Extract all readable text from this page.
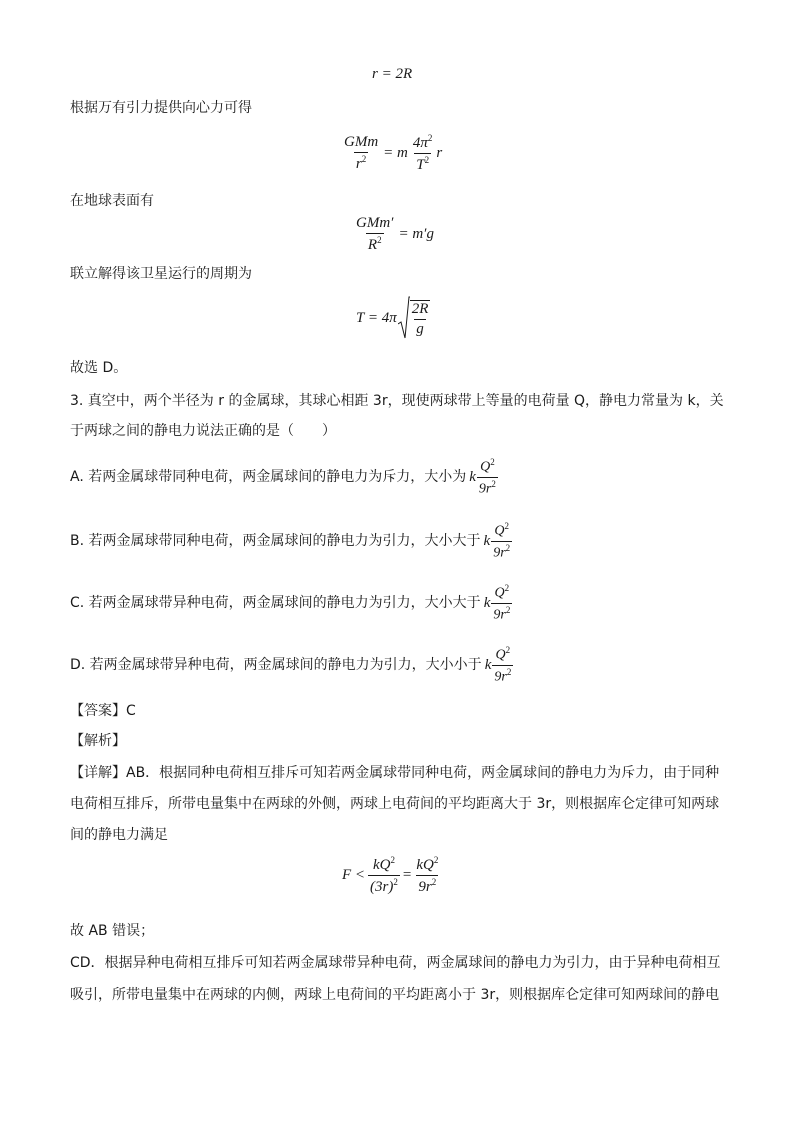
r = 2R
根据万有引力提供向心力可得
$\frac{\text{GMm}}{r^2} = m \frac{4\pi^2}{T^2}$ r
在地球表面有
$\frac{\text{GMm′}}{R^2} = m'g$
联立解得该卫星运行的周期为
$T = 4\pi \frac{2R}{g}$
故选 D。
3. 真空中，两个半径为 r 的金属球，其球心相距 3r，现使两球带上等量的电荷量 Q，静电力常量为 k，关
于两球之间的静电力说法正确的是（　　）
A. 若两金属球带同种电荷，两金属球间的静电力为斥力，大小为 k $\frac{Q^2}{9r^2}$
B. 若两金属球带同种电荷，两金属球间的静电力为引力，大小大于 k $\frac{Q^2}{9r^2}$
C. 若两金属球带异种电荷，两金属球间的静电力为引力，大小大于 k $\frac{Q^2}{9r^2}$
D. 若两金属球带异种电荷，两金属球间的静电力为引力，大小小于 k $\frac{Q^2}{9r^2}$
【答案】C
【解析】
【详解】AB．根据同种电荷相互排斥可知若两金属球带同种电荷，两金属球间的静电力为斥力，由于同种
电荷相互排斥，所带电量集中在两球的外侧，两球上电荷间的平均距离大于 3r，则根据库仑定律可知两球
间的静电力满足
$F < \frac{kQ^2}{(3r)^2} = \frac{kQ^2}{9r^2}$
故 AB 错误；
CD．根据异种电荷相互排斥可知若两金属球带异种电荷，两金属球间的静电力为引力，由于异种电荷相互
吸引，所带电量集中在两球的内侧，两球上电荷间的平均距离小于 3r，则根据库仑定律可知两球间的静电
